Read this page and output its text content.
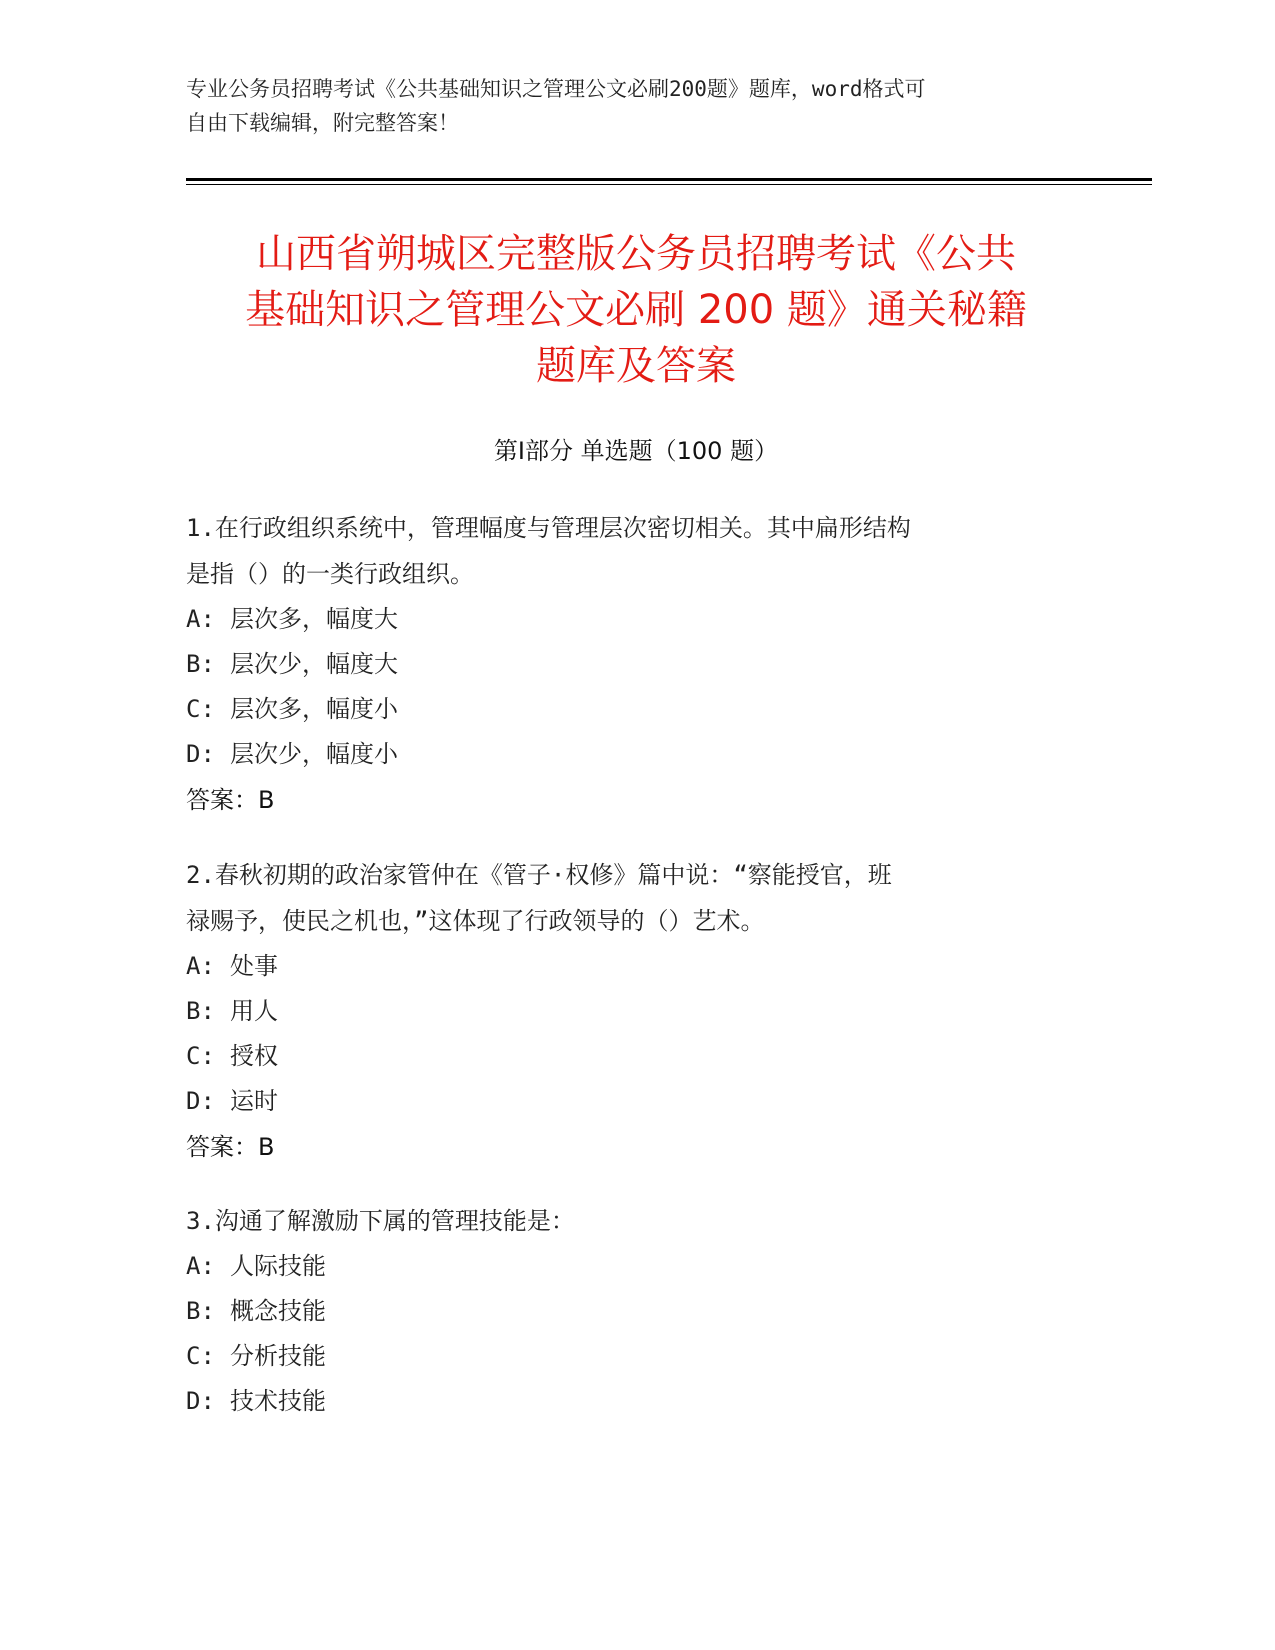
专业公务员招聘考试《公共基础知识之管理公文必刷200题》题库，word格式可
自由下载编辑，附完整答案！
山西省朔城区完整版公务员招聘考试《公共
基础知识之管理公文必刷 200 题》通关秘籍
题库及答案
第Ⅰ部分 单选题（100 题）
1.在行政组织系统中，管理幅度与管理层次密切相关。其中扁形结构
是指（）的一类行政组织。
A: 层次多，幅度大
B: 层次少，幅度大
C: 层次多，幅度小
D: 层次少，幅度小
答案：B
2.春秋初期的政治家管仲在《管子·权修》篇中说：“察能授官，班
禄赐予，使民之机也，”这体现了行政领导的（）艺术。
A: 处事
B: 用人
C: 授权
D: 运时
答案：B
3.沟通了解激励下属的管理技能是：
A: 人际技能
B: 概念技能
C: 分析技能
D: 技术技能
